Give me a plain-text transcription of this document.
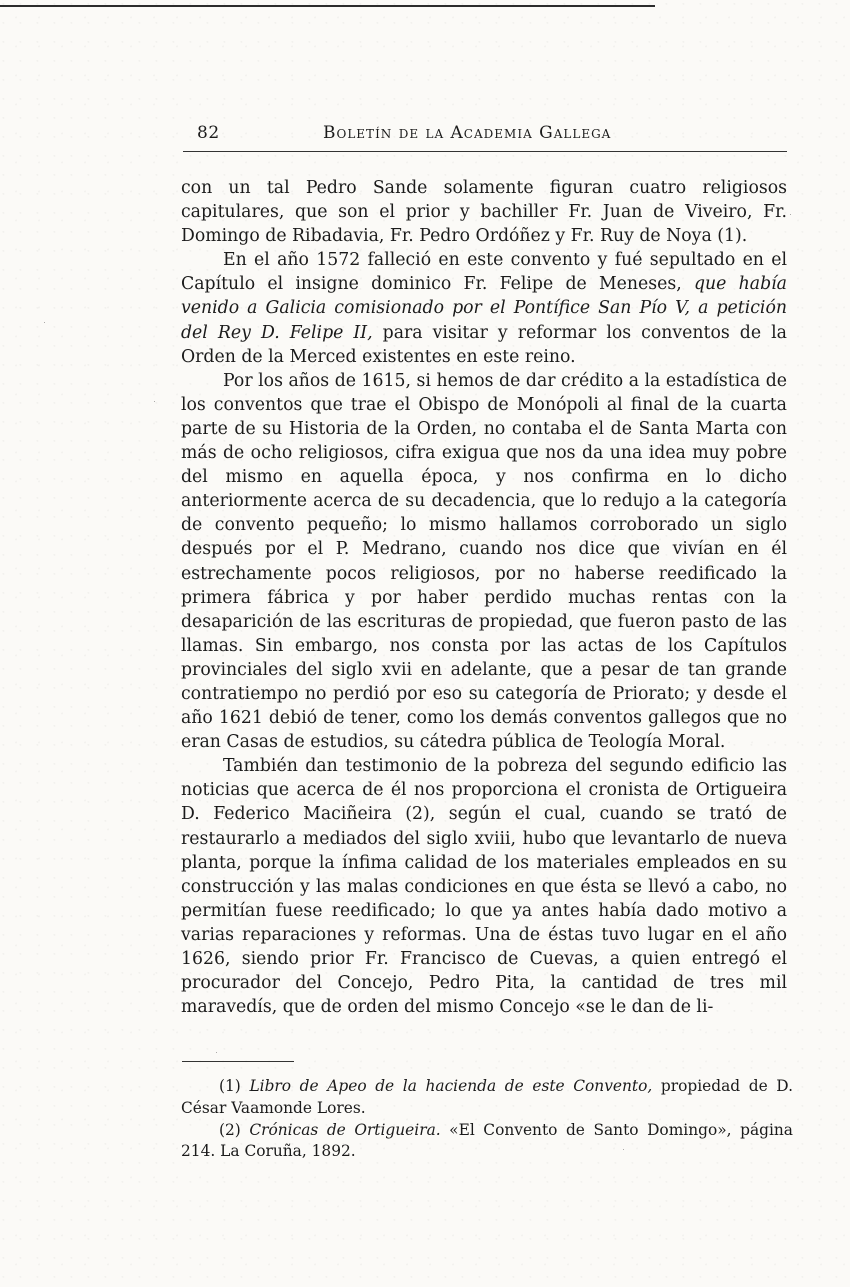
82	Boletín de la Academia Gallega

con un tal Pedro Sande solamente figuran cuatro religiosos capitulares, que son el prior y bachiller Fr. Juan de Viveiro, Fr. Domingo de Ribadavia, Fr. Pedro Ordóñez y Fr. Ruy de Noya (1).

En el año 1572 falleció en este convento y fué sepultado en el Capítulo el insigne dominico Fr. Felipe de Meneses, que había venido a Galicia comisionado por el Pontífice San Pío V, a petición del Rey D. Felipe II, para visitar y reformar los conventos de la Orden de la Merced existentes en este reino.

Por los años de 1615, si hemos de dar crédito a la estadística de los conventos que trae el Obispo de Monópoli al final de la cuarta parte de su Historia de la Orden, no contaba el de Santa Marta con más de ocho religiosos, cifra exigua que nos da una idea muy pobre del mismo en aquella época, y nos confirma en lo dicho anteriormente acerca de su decadencia, que lo redujo a la categoría de convento pequeño; lo mismo hallamos corroborado un siglo después por el P. Medrano, cuando nos dice que vivían en él estrechamente pocos religiosos, por no haberse reedificado la primera fábrica y por haber perdido muchas rentas con la desaparición de las escrituras de propiedad, que fueron pasto de las llamas. Sin embargo, nos consta por las actas de los Capítulos provinciales del siglo xvii en adelante, que a pesar de tan grande contratiempo no perdió por eso su categoría de Priorato; y desde el año 1621 debió de tener, como los demás conventos gallegos que no eran Casas de estudios, su cátedra pública de Teología Moral.

También dan testimonio de la pobreza del segundo edificio las noticias que acerca de él nos proporciona el cronista de Ortigueira D. Federico Maciñeira (2), según el cual, cuando se trató de restaurarlo a mediados del siglo xviii, hubo que levantarlo de nueva planta, porque la ínfima calidad de los materiales empleados en su construcción y las malas condiciones en que ésta se llevó a cabo, no permitían fuese reedificado; lo que ya antes había dado motivo a varias reparaciones y reformas. Una de éstas tuvo lugar en el año 1626, siendo prior Fr. Francisco de Cuevas, a quien entregó el procurador del Concejo, Pedro Pita, la cantidad de tres mil maravedís, que de orden del mismo Concejo «se le dan de li-

(1) Libro de Apeo de la hacienda de este Convento, propiedad de D. César Vaamonde Lores.

(2) Crónicas de Ortigueira. «El Convento de Santo Domingo», página 214. La Coruña, 1892.
